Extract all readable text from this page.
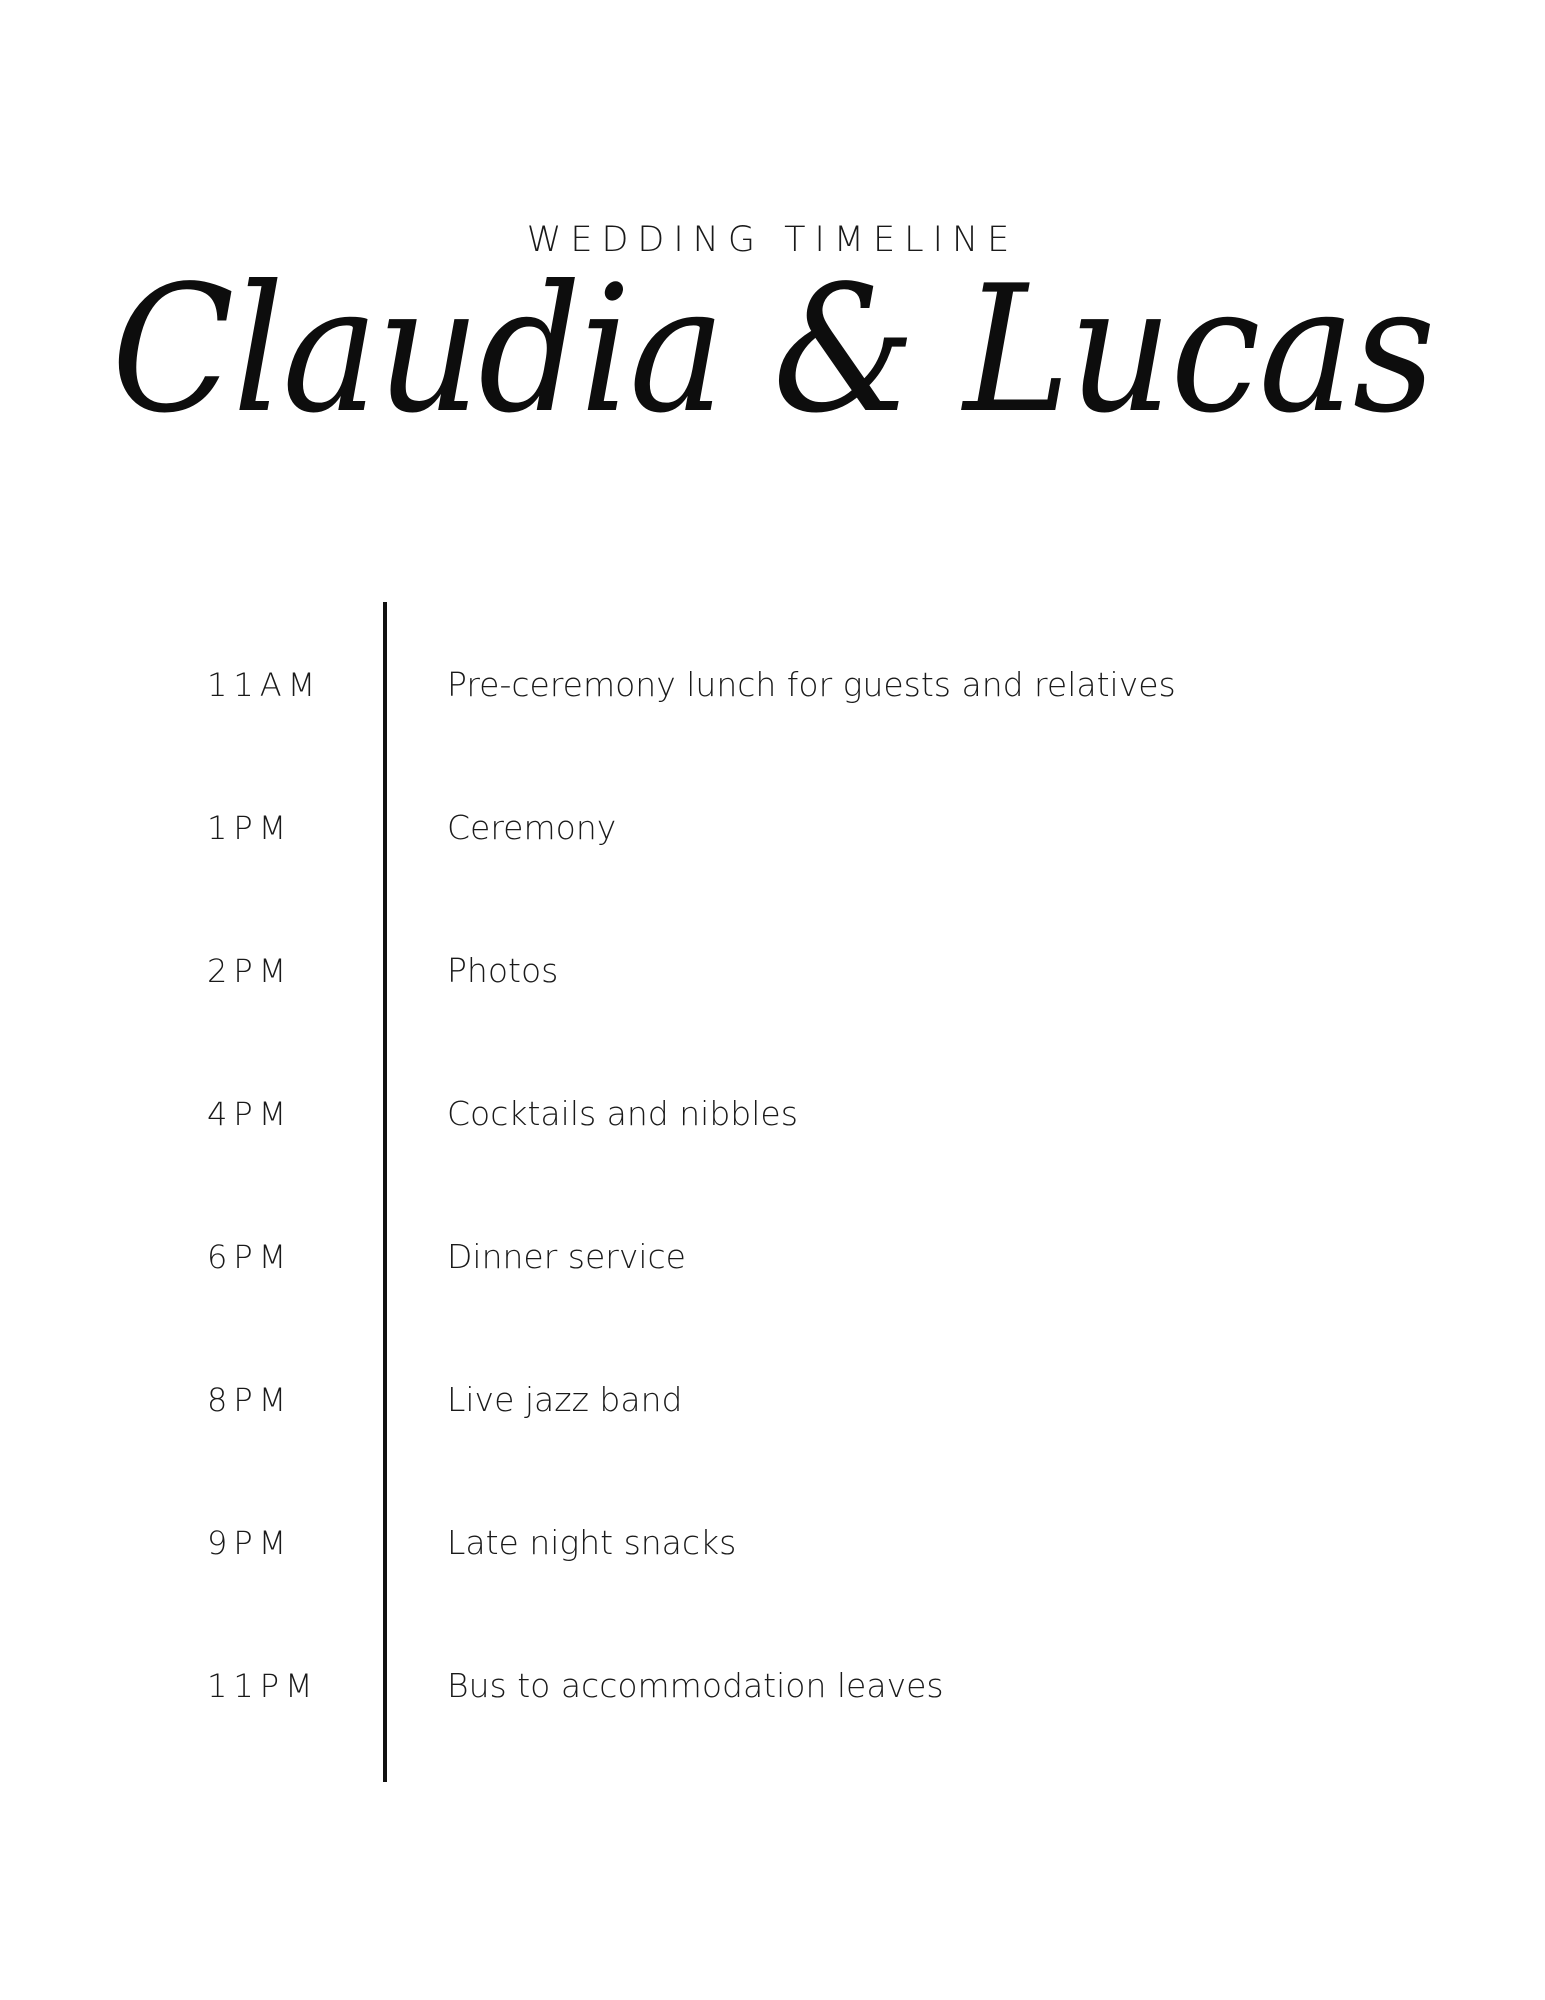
WEDDING TIMELINE
Claudia & Lucas
11AM	Pre-ceremony lunch for guests and relatives
1PM	Ceremony
2PM	Photos
4PM	Cocktails and nibbles
6PM	Dinner service
8PM	Live jazz band
9PM	Late night snacks
11PM	Bus to accommodation leaves
